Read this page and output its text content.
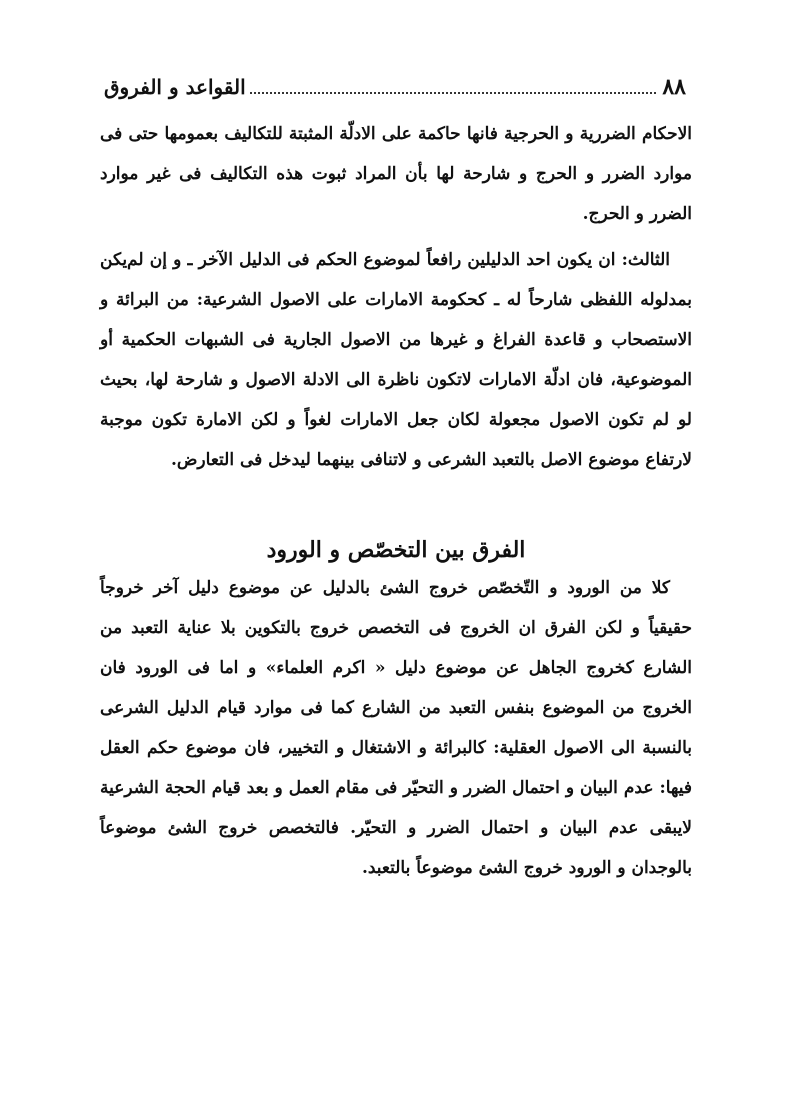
٨٨
القواعد و الفروق

الاحكام الضررية و الحرجية فانها حاكمة على الادلّة المثبتة للتكاليف بعمومها حتى فى موارد الضرر و الحرج و شارحة لها بأن المراد ثبوت هذه التكاليف فى غير موارد الضرر و الحرج.

الثالث: ان يكون احد الدليلين رافعاً لموضوع الحكم فى الدليل الآخر ـ و إن لم‌يكن بمدلوله اللفظى شارحاً له ـ كحكومة الامارات على الاصول الشرعية: من البرائة و الاستصحاب و قاعدة الفراغ و غيرها من الاصول الجارية فى الشبهات الحكمية أو الموضوعية، فان ادلّة الامارات لاتكون ناظرة الى الادلة الاصول و شارحة لها، بحيث لو لم تكون الاصول مجعولة لكان جعل الامارات لغواً و لكن الامارة تكون موجبة لارتفاع موضوع الاصل بالتعبد الشرعى و لاتنافى بينهما ليدخل فى التعارض.

الفرق بين التخصّص و الورود

كلا من الورود و التّخصّص خروج الشئ بالدليل عن موضوع دليل آخر خروجاً حقيقياً و لكن الفرق ان الخروج فى التخصص خروج بالتكوين بلا عناية التعبد من الشارع كخروج الجاهل عن موضوع دليل « اكرم العلماء» و اما فى الورود فان الخروج من الموضوع بنفس التعبد من الشارع كما فى موارد قيام الدليل الشرعى بالنسبة الى الاصول العقلية: كالبرائة و الاشتغال و التخيير، فان موضوع حكم العقل فيها: عدم البيان و احتمال الضرر و التحيّر فى مقام العمل و بعد قيام الحجة الشرعية لايبقى عدم البيان و احتمال الضرر و التحيّر. فالتخصص خروج الشئ موضوعاً بالوجدان و الورود خروج الشئ موضوعاً بالتعبد.
